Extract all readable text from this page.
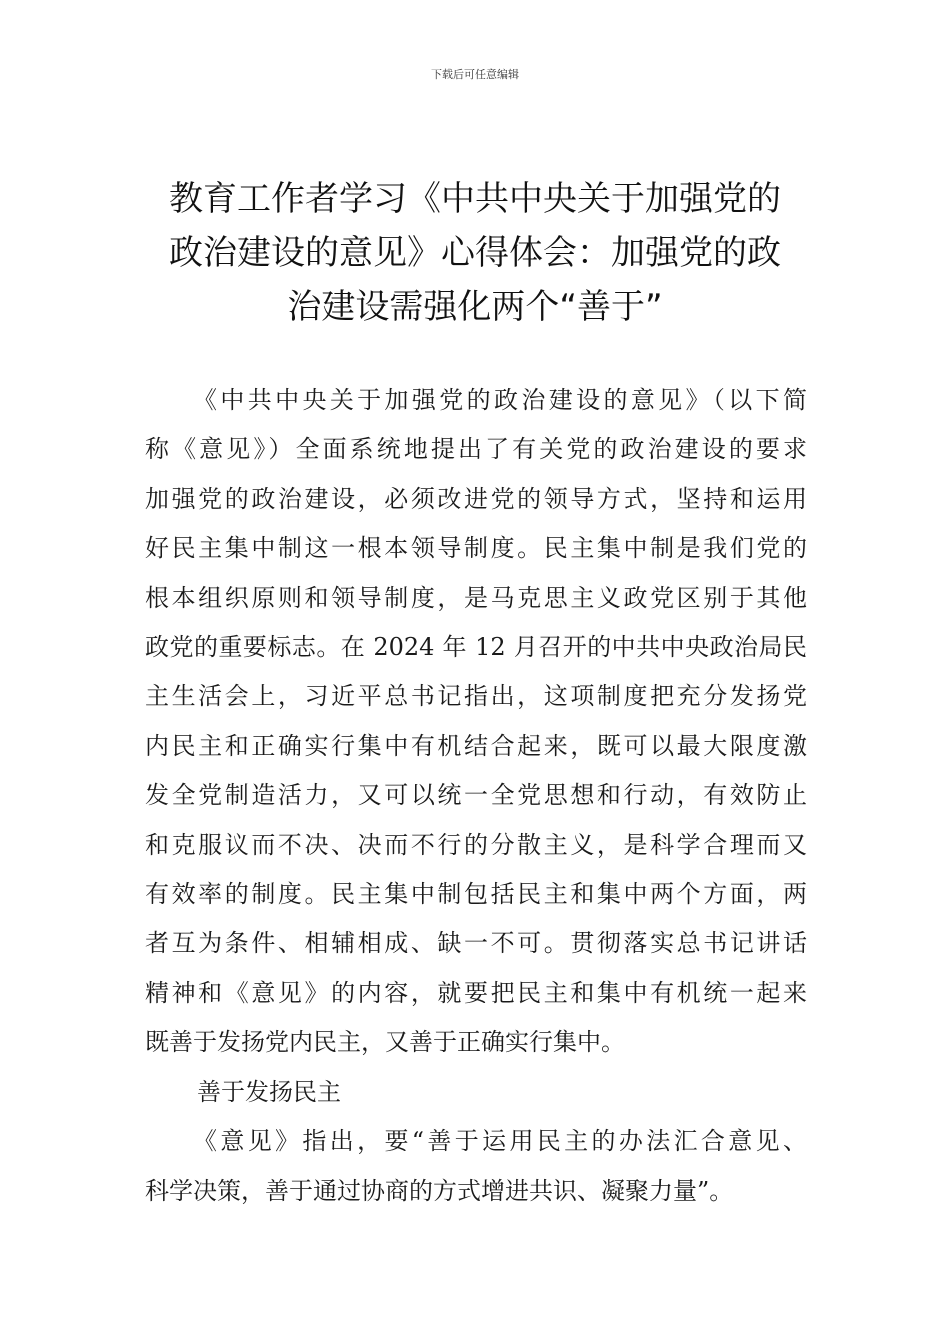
下载后可任意编辑
教育工作者学习《中共中央关于加强党的
政治建设的意见》心得体会：加强党的政
治建设需强化两个“善于”
《中共中央关于加强党的政治建设的意见》（以下简
称《意见》）全面系统地提出了有关党的政治建设的要求
加强党的政治建设，必须改进党的领导方式，坚持和运用
好民主集中制这一根本领导制度。民主集中制是我们党的
根本组织原则和领导制度，是马克思主义政党区别于其他
政党的重要标志。在 2024 年 12 月召开的中共中央政治局民
主生活会上，习近平总书记指出，这项制度把充分发扬党
内民主和正确实行集中有机结合起来，既可以最大限度激
发全党制造活力，又可以统一全党思想和行动，有效防止
和克服议而不决、决而不行的分散主义，是科学合理而又
有效率的制度。民主集中制包括民主和集中两个方面，两
者互为条件、相辅相成、缺一不可。贯彻落实总书记讲话
精神和《意见》的内容，就要把民主和集中有机统一起来
既善于发扬党内民主，又善于正确实行集中。
善于发扬民主
《意见》指出，要“善于运用民主的办法汇合意见、
科学决策，善于通过协商的方式增进共识、凝聚力量”。
